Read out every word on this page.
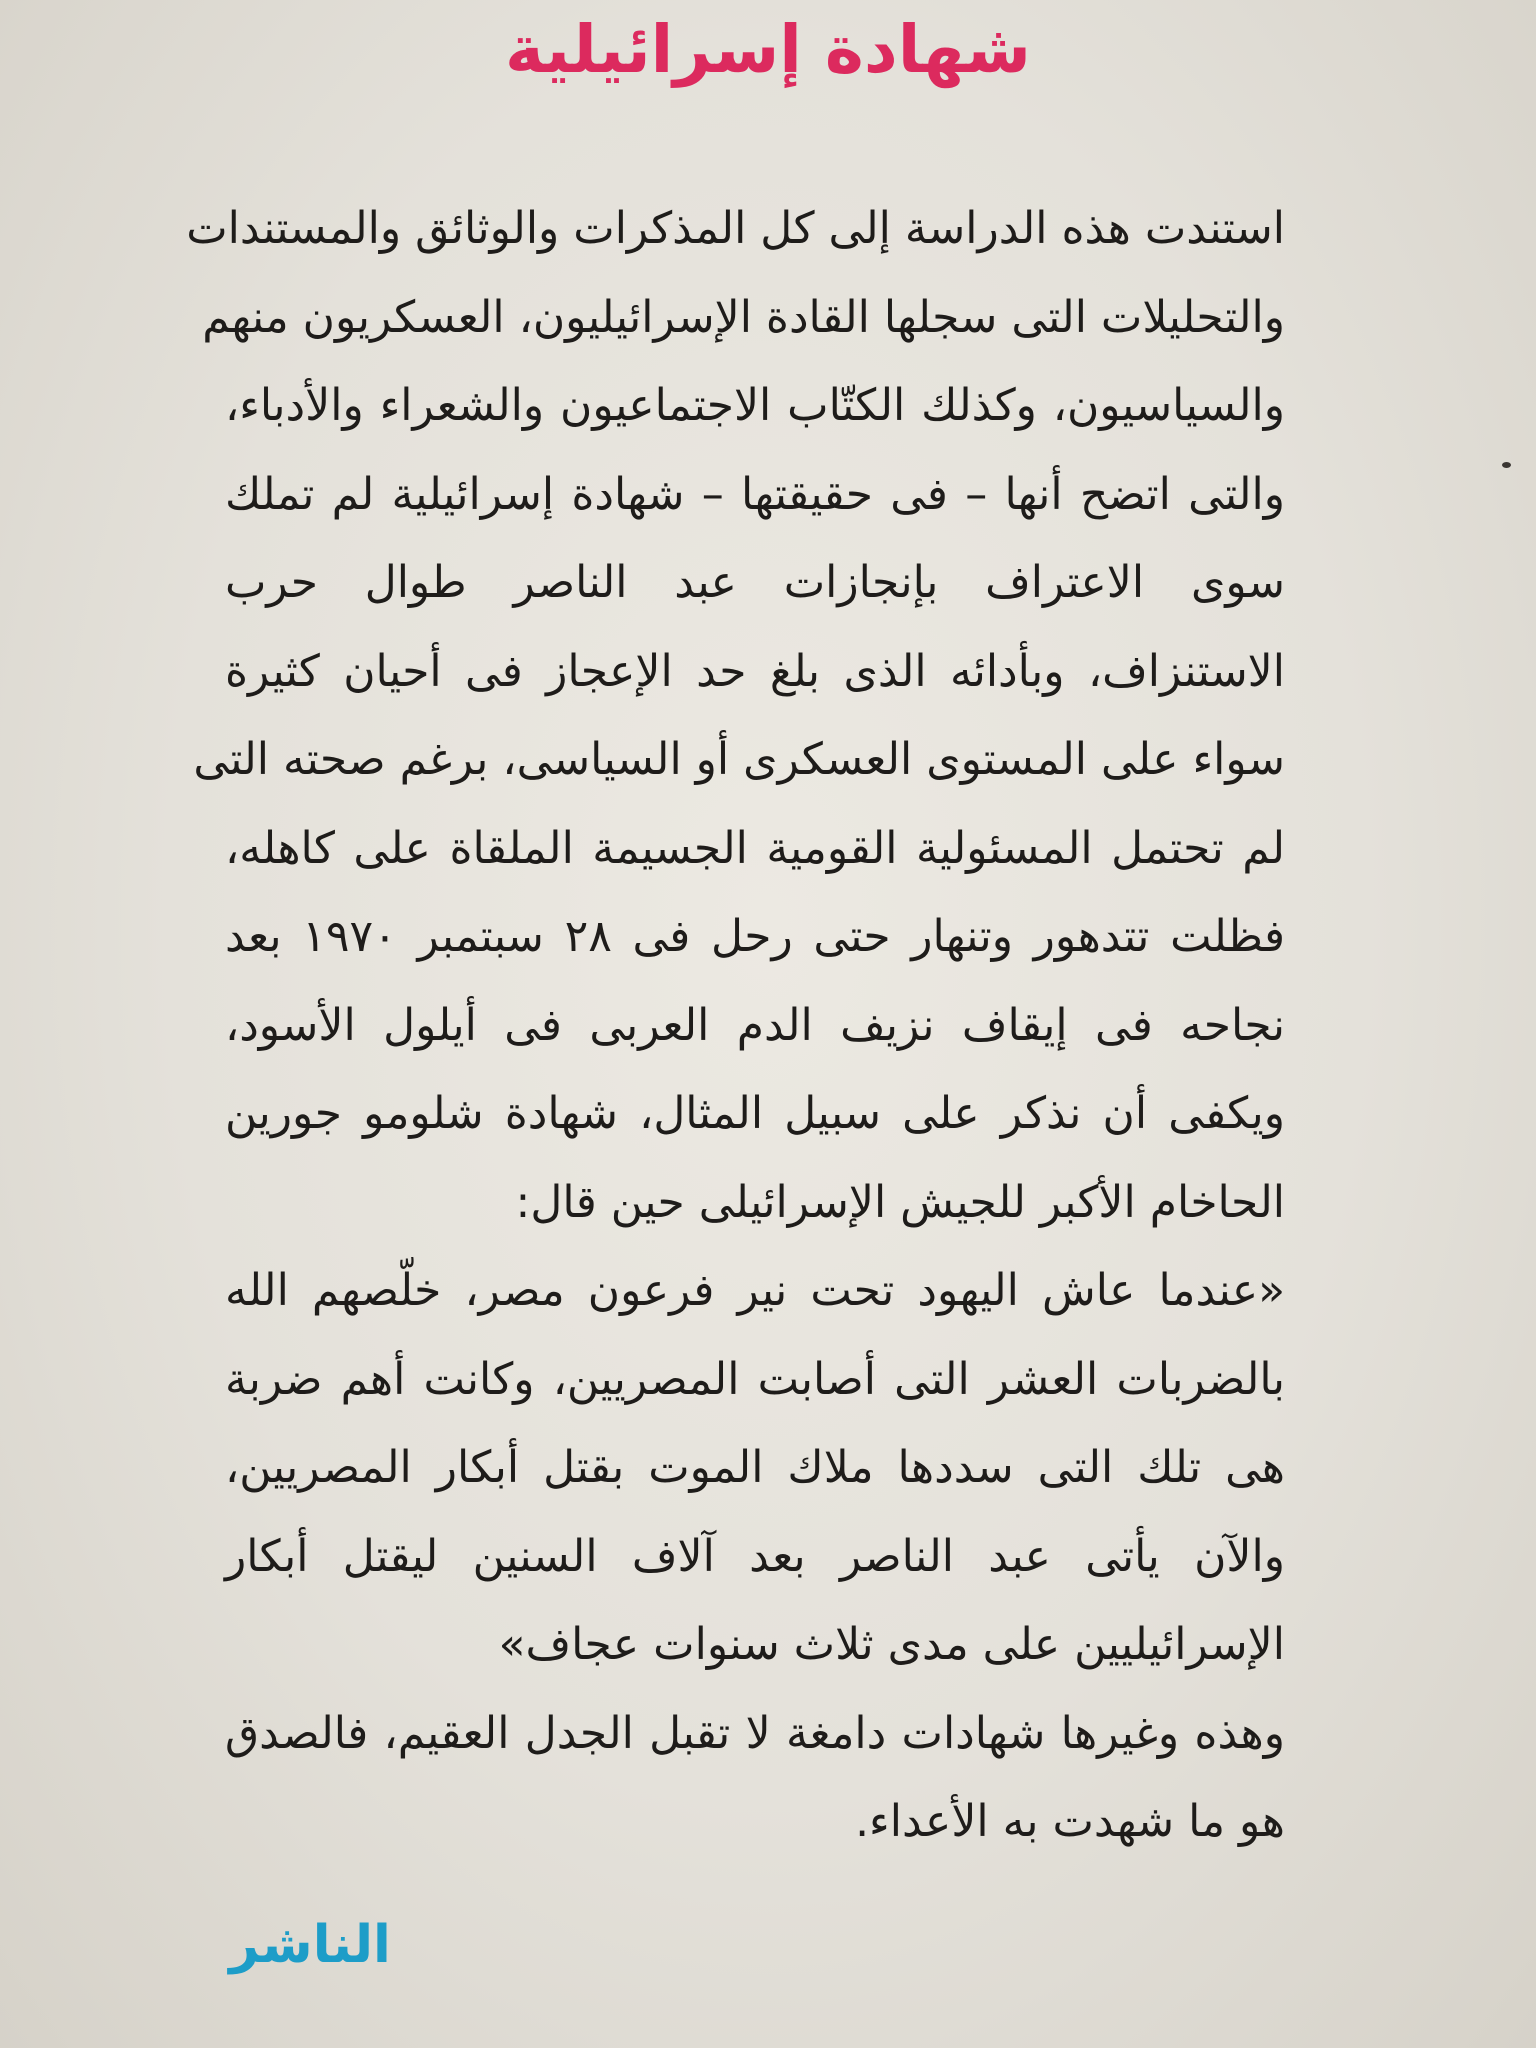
شهادة إسرائيلية
استندت هذه الدراسة إلى كل المذكرات والوثائق والمستندات
والتحليلات التى سجلها القادة الإسرائيليون، العسكريون منهم
والسياسيون، وكذلك الكتّاب الاجتماعيون والشعراء والأدباء،
والتى اتضح أنها – فى حقيقتها – شهادة إسرائيلية لم تملك
سوى الاعتراف بإنجازات عبد الناصر طوال حرب
الاستنزاف، وبأدائه الذى بلغ حد الإعجاز فى أحيان كثيرة
سواء على المستوى العسكرى أو السياسى، برغم صحته التى
لم تحتمل المسئولية القومية الجسيمة الملقاة على كاهله،
فظلت تتدهور وتنهار حتى رحل فى ٢٨ سبتمبر ١٩٧٠ بعد
نجاحه فى إيقاف نزيف الدم العربى فى أيلول الأسود،
ويكفى أن نذكر على سبيل المثال، شهادة شلومو جورين
الحاخام الأكبر للجيش الإسرائيلى حين قال:
«عندما عاش اليهود تحت نير فرعون مصر، خلّصهم الله
بالضربات العشر التى أصابت المصريين، وكانت أهم ضربة
هى تلك التى سددها ملاك الموت بقتل أبكار المصريين،
والآن يأتى عبد الناصر بعد آلاف السنين ليقتل أبكار
الإسرائيليين على مدى ثلاث سنوات عجاف»
وهذه وغيرها شهادات دامغة لا تقبل الجدل العقيم، فالصدق
هو ما شهدت به الأعداء.
الناشر
